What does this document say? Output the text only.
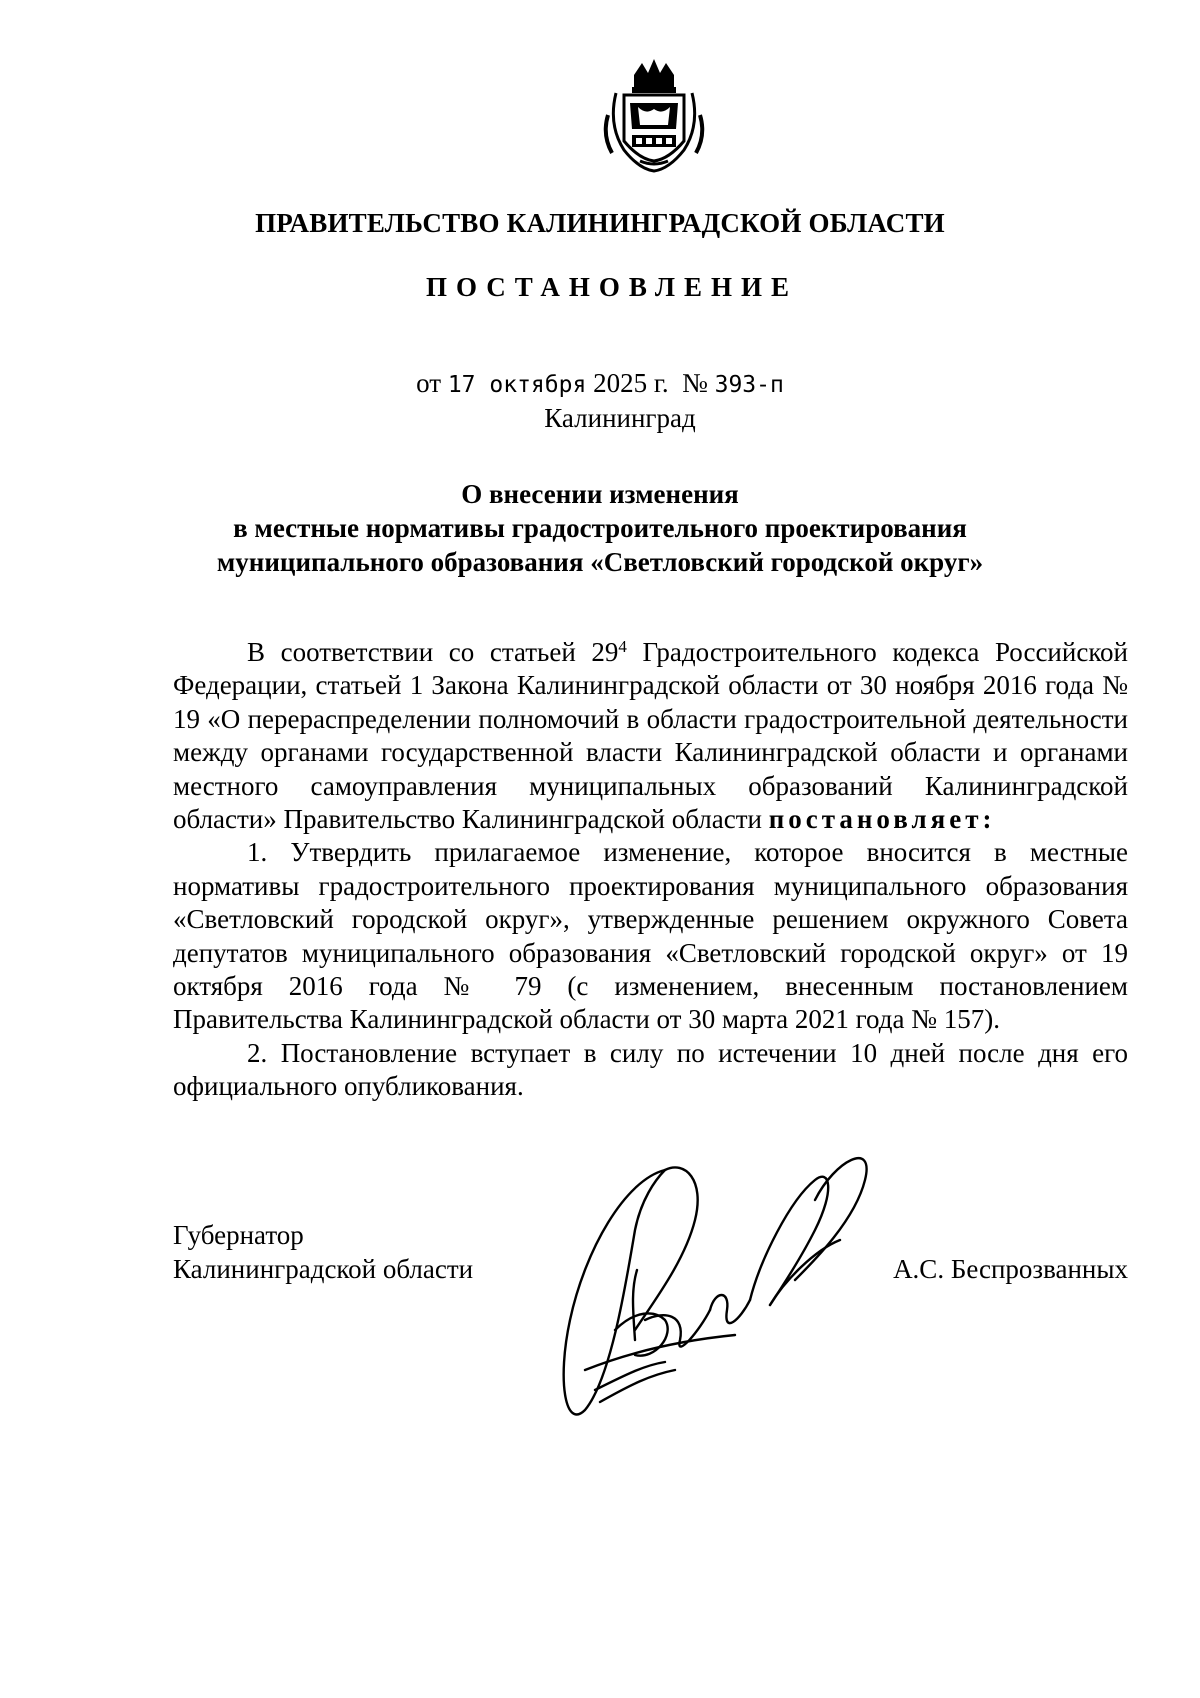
ПРАВИТЕЛЬСТВО КАЛИНИНГРАДСКОЙ ОБЛАСТИ
ПОСТАНОВЛЕНИЕ
от 17 октября 2025 г. № 393-п
Калининград
О внесении изменения
в местные нормативы градостроительного проектирования
муниципального образования «Светловский городской округ»

В соответствии со статьей $29^4$ Градостроительного кодекса Российской Федерации, статьей 1 Закона Калининградской области от 30 ноября 2016 года № 19 «О перераспределении полномочий в области градостроительной деятельности между органами государственной власти Калининградской области и органами местного самоуправления муниципальных образований Калининградской области» Правительство Калининградской области постановляет:

1. Утвердить прилагаемое изменение, которое вносится в местные нормативы градостроительного проектирования муниципального образования «Светловский городской округ», утвержденные решением окружного Совета депутатов муниципального образования «Светловский городской округ» от 19 октября 2016 года № 79 (с изменением, внесенным постановлением Правительства Калининградской области от 30 марта 2021 года № 157).

2. Постановление вступает в силу по истечении 10 дней после дня его официального опубликования.

Губернатор
Калининградской области	А.С. Беспрозванных
